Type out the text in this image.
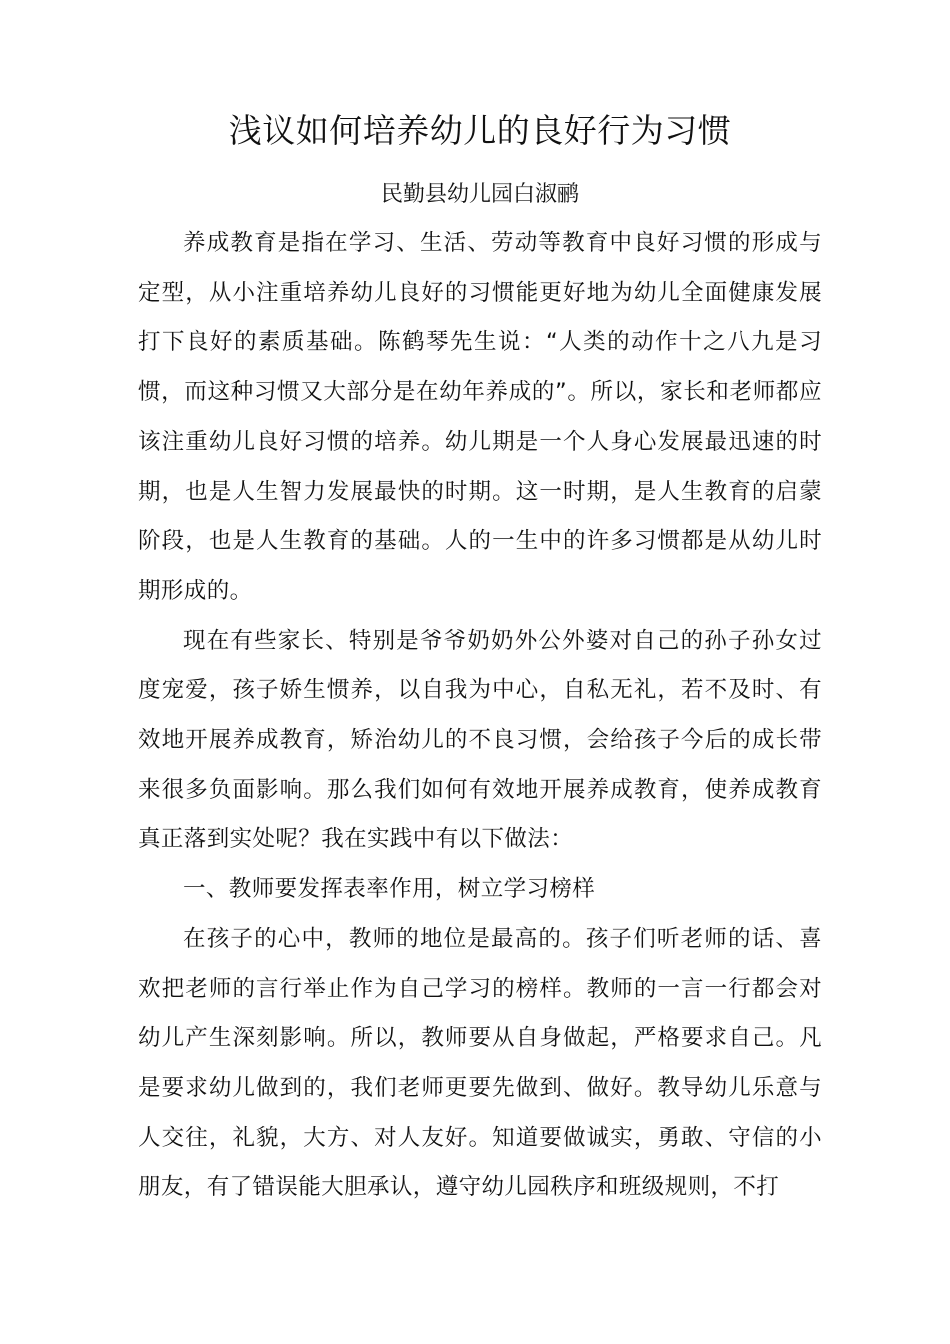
浅议如何培养幼儿的良好行为习惯

民勤县幼儿园白淑鹂

养成教育是指在学习、生活、劳动等教育中良好习惯的形成与定型，从小注重培养幼儿良好的习惯能更好地为幼儿全面健康发展打下良好的素质基础。陈鹤琴先生说：“人类的动作十之八九是习惯，而这种习惯又大部分是在幼年养成的”。所以，家长和老师都应该注重幼儿良好习惯的培养。幼儿期是一个人身心发展最迅速的时期，也是人生智力发展最快的时期。这一时期，是人生教育的启蒙阶段，也是人生教育的基础。人的一生中的许多习惯都是从幼儿时期形成的。

现在有些家长、特别是爷爷奶奶外公外婆对自己的孙子孙女过度宠爱，孩子娇生惯养，以自我为中心，自私无礼，若不及时、有效地开展养成教育，矫治幼儿的不良习惯，会给孩子今后的成长带来很多负面影响。那么我们如何有效地开展养成教育，使养成教育真正落到实处呢？我在实践中有以下做法：

一、教师要发挥表率作用，树立学习榜样

在孩子的心中，教师的地位是最高的。孩子们听老师的话、喜欢把老师的言行举止作为自己学习的榜样。教师的一言一行都会对幼儿产生深刻影响。所以，教师要从自身做起，严格要求自己。凡是要求幼儿做到的，我们老师更要先做到、做好。教导幼儿乐意与人交往，礼貌，大方、对人友好。知道要做诚实，勇敢、守信的小朋友，有了错误能大胆承认，遵守幼儿园秩序和班级规则，不打
